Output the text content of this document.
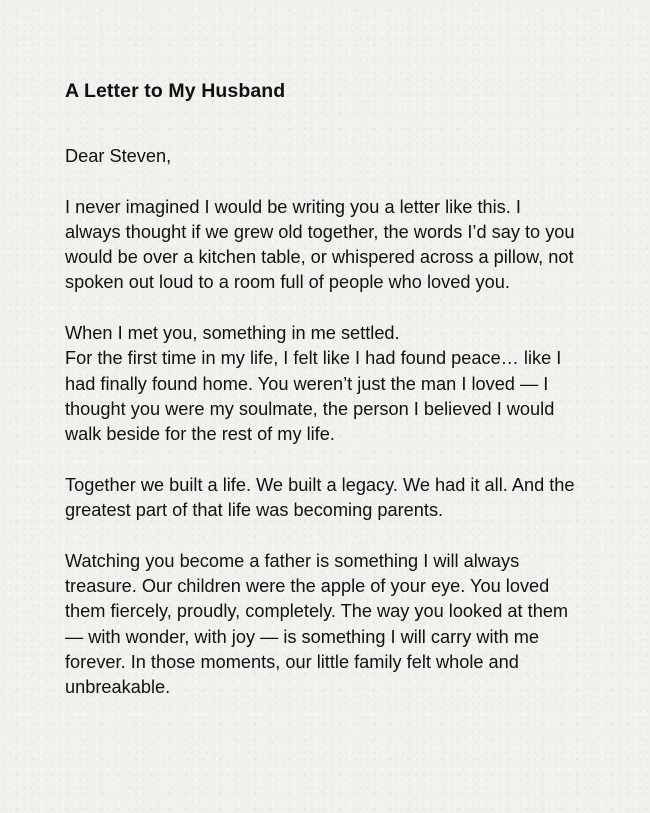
A Letter to My Husband

Dear Steven,

I never imagined I would be writing you a letter like this. I
always thought if we grew old together, the words I’d say to you
would be over a kitchen table, or whispered across a pillow, not
spoken out loud to a room full of people who loved you.

When I met you, something in me settled.
For the first time in my life, I felt like I had found peace… like I
had finally found home. You weren’t just the man I loved — I
thought you were my soulmate, the person I believed I would
walk beside for the rest of my life.

Together we built a life. We built a legacy. We had it all. And the
greatest part of that life was becoming parents.

Watching you become a father is something I will always
treasure. Our children were the apple of your eye. You loved
them fiercely, proudly, completely. The way you looked at them
— with wonder, with joy — is something I will carry with me
forever. In those moments, our little family felt whole and
unbreakable.
